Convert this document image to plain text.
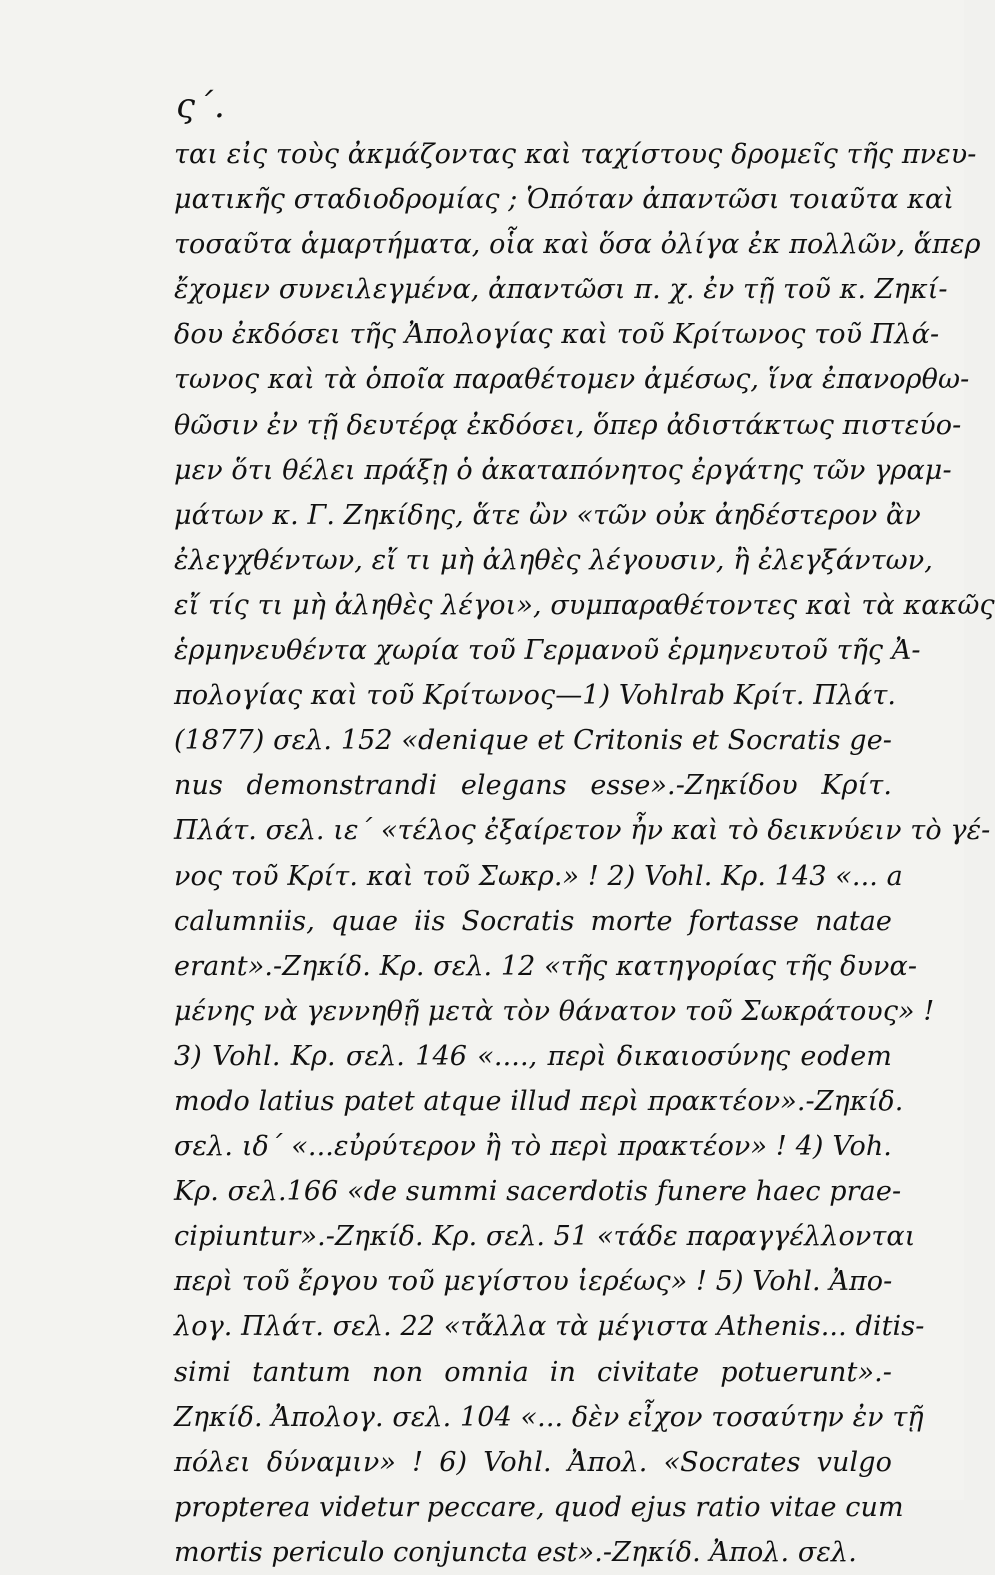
ς΄.
ται εἰς τοὺς ἀκμάζοντας καὶ ταχίστους δρομεῖς τῆς πνευ-
ματικῆς σταδιοδρομίας ; Ὁπόταν ἀπαντῶσι τοιαῦτα καὶ
τοσαῦτα ἁμαρτήματα, οἷα καὶ ὅσα ὀλίγα ἐκ πολλῶν, ἅπερ
ἔχομεν συνειλεγμένα, ἀπαντῶσι π. χ. ἐν τῇ τοῦ κ. Ζηκί-
δου ἐκδόσει τῆς Ἀπολογίας καὶ τοῦ Κρίτωνος τοῦ Πλά-
τωνος καὶ τὰ ὁποῖα παραθέτομεν ἀμέσως, ἵνα ἐπανορθω-
θῶσιν ἐν τῇ δευτέρᾳ ἐκδόσει, ὅπερ ἀδιστάκτως πιστεύο-
μεν ὅτι θέλει πράξῃ ὁ ἀκαταπόνητος ἐργάτης τῶν γραμ-
μάτων κ. Γ. Ζηκίδης, ἅτε ὢν «τῶν οὐκ ἀηδέστερον ἂν
ἐλεγχθέντων, εἴ τι μὴ ἀληθὲς λέγουσιν, ἢ ἐλεγξάντων,
εἴ τίς τι μὴ ἀληθὲς λέγοι», συμπαραθέτοντες καὶ τὰ κακῶς
ἑρμηνευθέντα χωρία τοῦ Γερμανοῦ ἑρμηνευτοῦ τῆς Ἀ-
πολογίας καὶ τοῦ Κρίτωνος—1) Vohlrab Κρίτ. Πλάτ.
(1877) σελ. 152 «denique et Critonis et Socratis ge-
nus demonstrandi elegans esse».-Ζηκίδου Κρίτ.
Πλάτ. σελ. ιε΄ «τέλος ἐξαίρετον ἦν καὶ τὸ δεικνύειν τὸ γέ-
νος τοῦ Κρίτ. καὶ τοῦ Σωκρ.» ! 2) Vohl. Κρ. 143 «... a
calumniis, quae iis Socratis morte fortasse natae
erant».-Ζηκίδ. Κρ. σελ. 12 «τῆς κατηγορίας τῆς δυνα-
μένης νὰ γεννηθῇ μετὰ τὸν θάνατον τοῦ Σωκράτους» !
3) Vohl. Κρ. σελ. 146 «...., περὶ δικαιοσύνης eodem
modo latius patet atque illud περὶ πρακτέον».-Ζηκίδ.
σελ. ιδ΄ «...εὐρύτερον ἢ τὸ περὶ πρακτέον» ! 4) Voh.
Κρ. σελ.166 «de summi sacerdotis funere haec prae-
cipiuntur».-Ζηκίδ. Κρ. σελ. 51 «τάδε παραγγέλλονται
περὶ τοῦ ἔργου τοῦ μεγίστου ἱερέως» ! 5) Vohl. Ἀπο-
λογ. Πλάτ. σελ. 22 «τἄλλα τὰ μέγιστα Athenis... ditis-
simi tantum non omnia in civitate potuerunt».-
Ζηκίδ. Ἀπολογ. σελ. 104 «... δὲν εἶχον τοσαύτην ἐν τῇ
πόλει δύναμιν» ! 6) Vohl. Ἀπολ. «Socrates vulgo
propterea videtur peccare, quod ejus ratio vitae cum
mortis periculo conjuncta est».-Ζηκίδ. Ἀπολ. σελ.
